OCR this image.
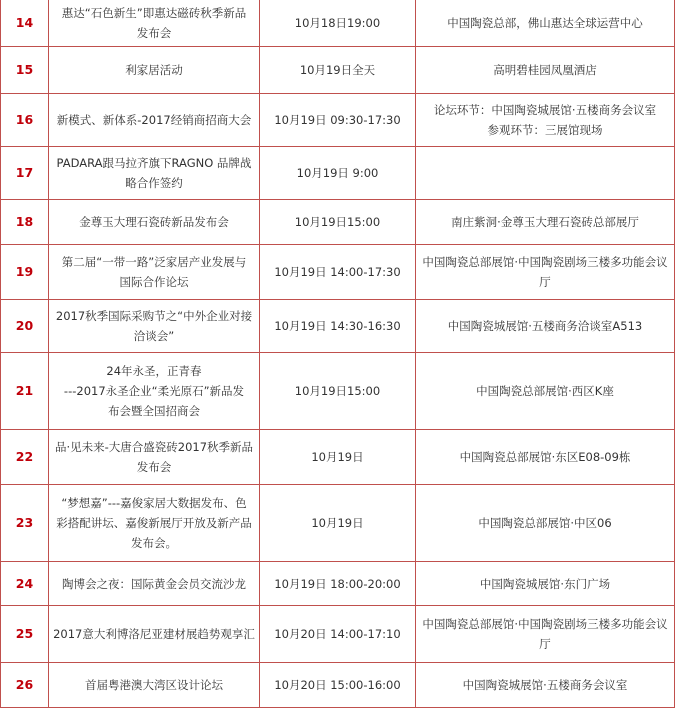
14	惠达“石色新生”即惠达磁砖秋季新品
发布会	10月18日19:00	中国陶瓷总部，佛山惠达全球运营中心

15	利家居活动	10月19日全天	高明碧桂园凤凰酒店

16	新模式、新体系-2017经销商招商大会	10月19日 09:30-17:30	论坛环节：中国陶瓷城展馆·五楼商务会议室
参观环节：三展馆现场

17	PADARA跟马拉齐旗下RAGNO 品牌战
略合作签约	10月19日 9:00	

18	金尊玉大理石瓷砖新品发布会	10月19日15:00	南庄紫洞·金尊玉大理石瓷砖总部展厅

19	第二届“一带一路”泛家居产业发展与
国际合作论坛	10月19日 14:00-17:30	中国陶瓷总部展馆·中国陶瓷剧场三楼多功能会议
厅

20	2017秋季国际采购节之“中外企业对接
洽谈会”	10月19日 14:30-16:30	中国陶瓷城展馆·五楼商务洽谈室A513

21	24年永圣，正青春
---2017永圣企业“柔光原石”新品发
布会暨全国招商会	10月19日15:00	中国陶瓷总部展馆·西区K座

22	品·见未来-大唐合盛瓷砖2017秋季新品
发布会	10月19日	中国陶瓷总部展馆·东区E08-09栋

23	“梦想嘉”---嘉俊家居大数据发布、色
彩搭配讲坛、嘉俊新展厅开放及新产品
发布会。	10月19日	中国陶瓷总部展馆·中区06

24	陶博会之夜：国际黄金会员交流沙龙	10月19日 18:00-20:00	中国陶瓷城展馆·东门广场

25	2017意大利博洛尼亚建材展趋势观享汇	10月20日 14:00-17:10	中国陶瓷总部展馆·中国陶瓷剧场三楼多功能会议
厅

26	首届粤港澳大湾区设计论坛	10月20日 15:00-16:00	中国陶瓷城展馆·五楼商务会议室
